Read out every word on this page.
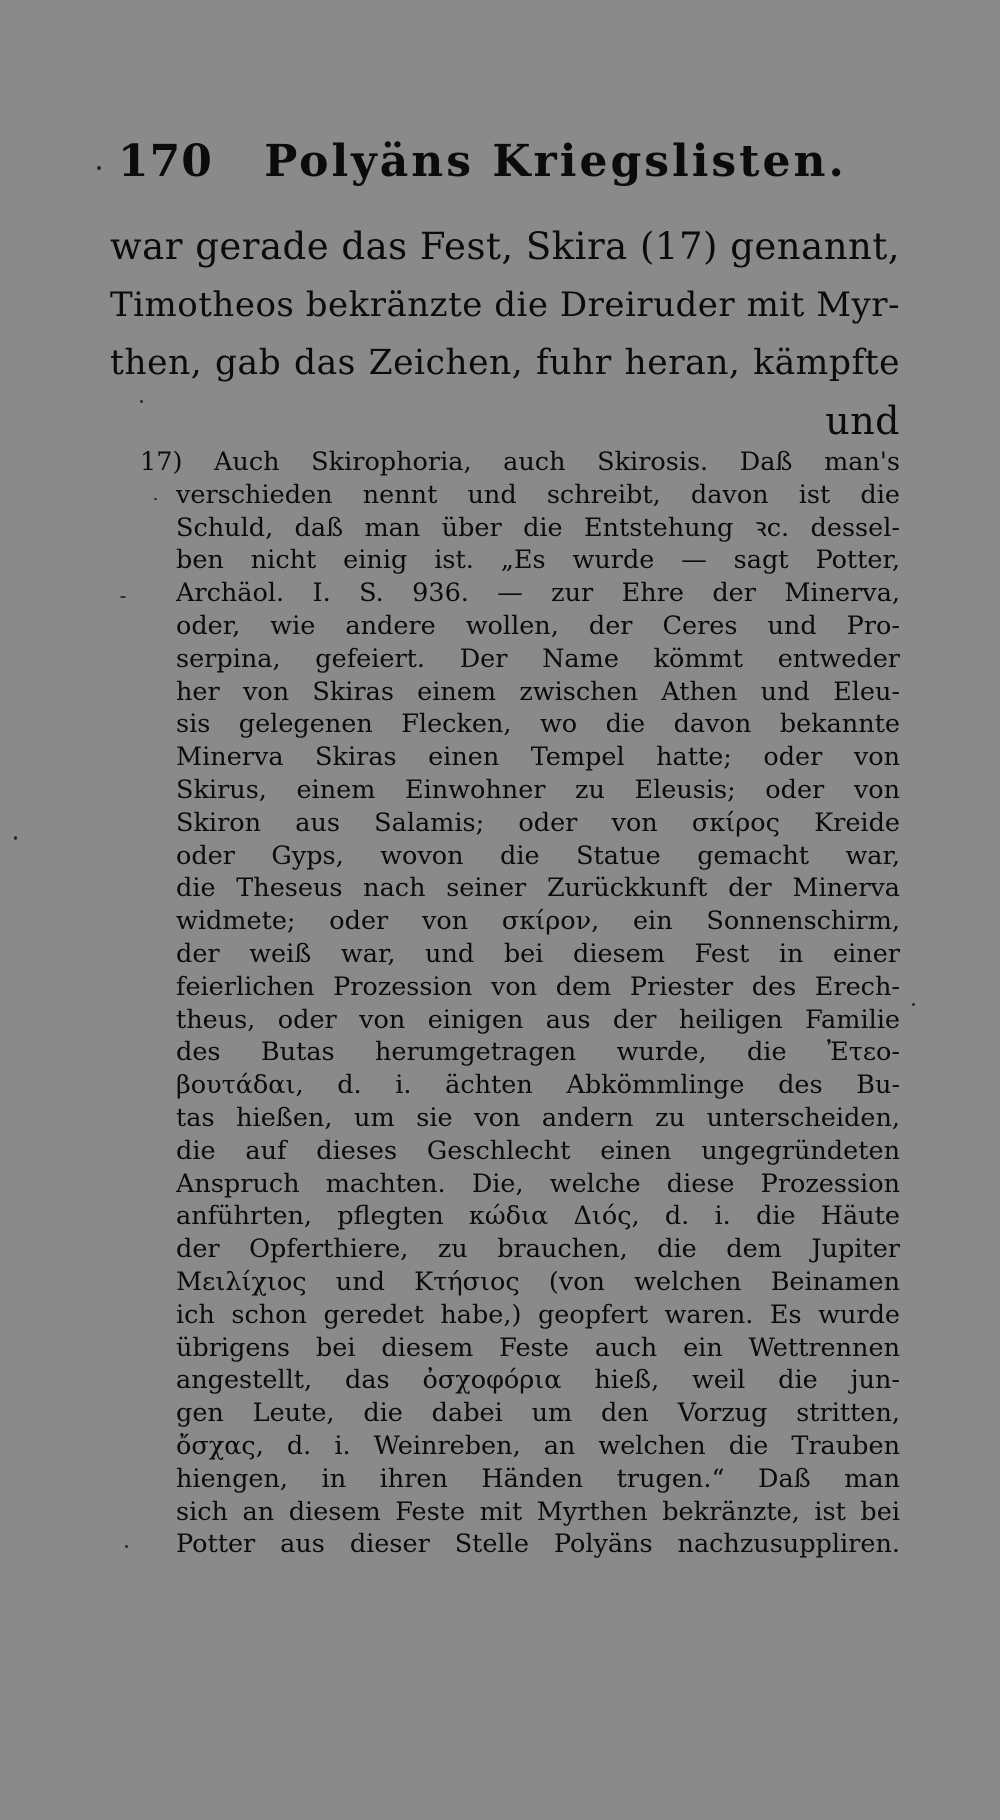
170 Polyäns Kriegslisten.
war gerade das Fest, Skira (17) genannt,
Timotheos bekränzte die Dreiruder mit Myr-
then, gab das Zeichen, fuhr heran, kämpfte
und
17) Auch Skirophoria, auch Skirosis. Daß man's
verschieden nennt und schreibt, davon ist die
Schuld, daß man über die Entstehung ꝛc. dessel-
ben nicht einig ist. „Es wurde — sagt Potter,
Archäol. I. S. 936. — zur Ehre der Minerva,
oder, wie andere wollen, der Ceres und Pro-
serpina, gefeiert. Der Name kömmt entweder
her von Skiras einem zwischen Athen und Eleu-
sis gelegenen Flecken, wo die davon bekannte
Minerva Skiras einen Tempel hatte; oder von
Skirus, einem Einwohner zu Eleusis; oder von
Skiron aus Salamis; oder von σκίρος Kreide
oder Gyps, wovon die Statue gemacht war,
die Theseus nach seiner Zurückkunft der Minerva
widmete; oder von σκίρον, ein Sonnenschirm,
der weiß war, und bei diesem Fest in einer
feierlichen Prozession von dem Priester des Erech-
theus, oder von einigen aus der heiligen Familie
des Butas herumgetragen wurde, die Ἐτεο-
βουτάδαι, d. i. ächten Abkömmlinge des Bu-
tas hießen, um sie von andern zu unterscheiden,
die auf dieses Geschlecht einen ungegründeten
Anspruch machten. Die, welche diese Prozession
anführten, pflegten κώδια Διός, d. i. die Häute
der Opferthiere, zu brauchen, die dem Jupiter
Μειλίχιος und Κτήσιος (von welchen Beinamen
ich schon geredet habe,) geopfert waren. Es wurde
übrigens bei diesem Feste auch ein Wettrennen
angestellt, das ὀσχοφόρια hieß, weil die jun-
gen Leute, die dabei um den Vorzug stritten,
ὄσχας, d. i. Weinreben, an welchen die Trauben
hiengen, in ihren Händen trugen.“ Daß man
sich an diesem Feste mit Myrthen bekränzte, ist bei
Potter aus dieser Stelle Polyäns nachzusuppliren.
